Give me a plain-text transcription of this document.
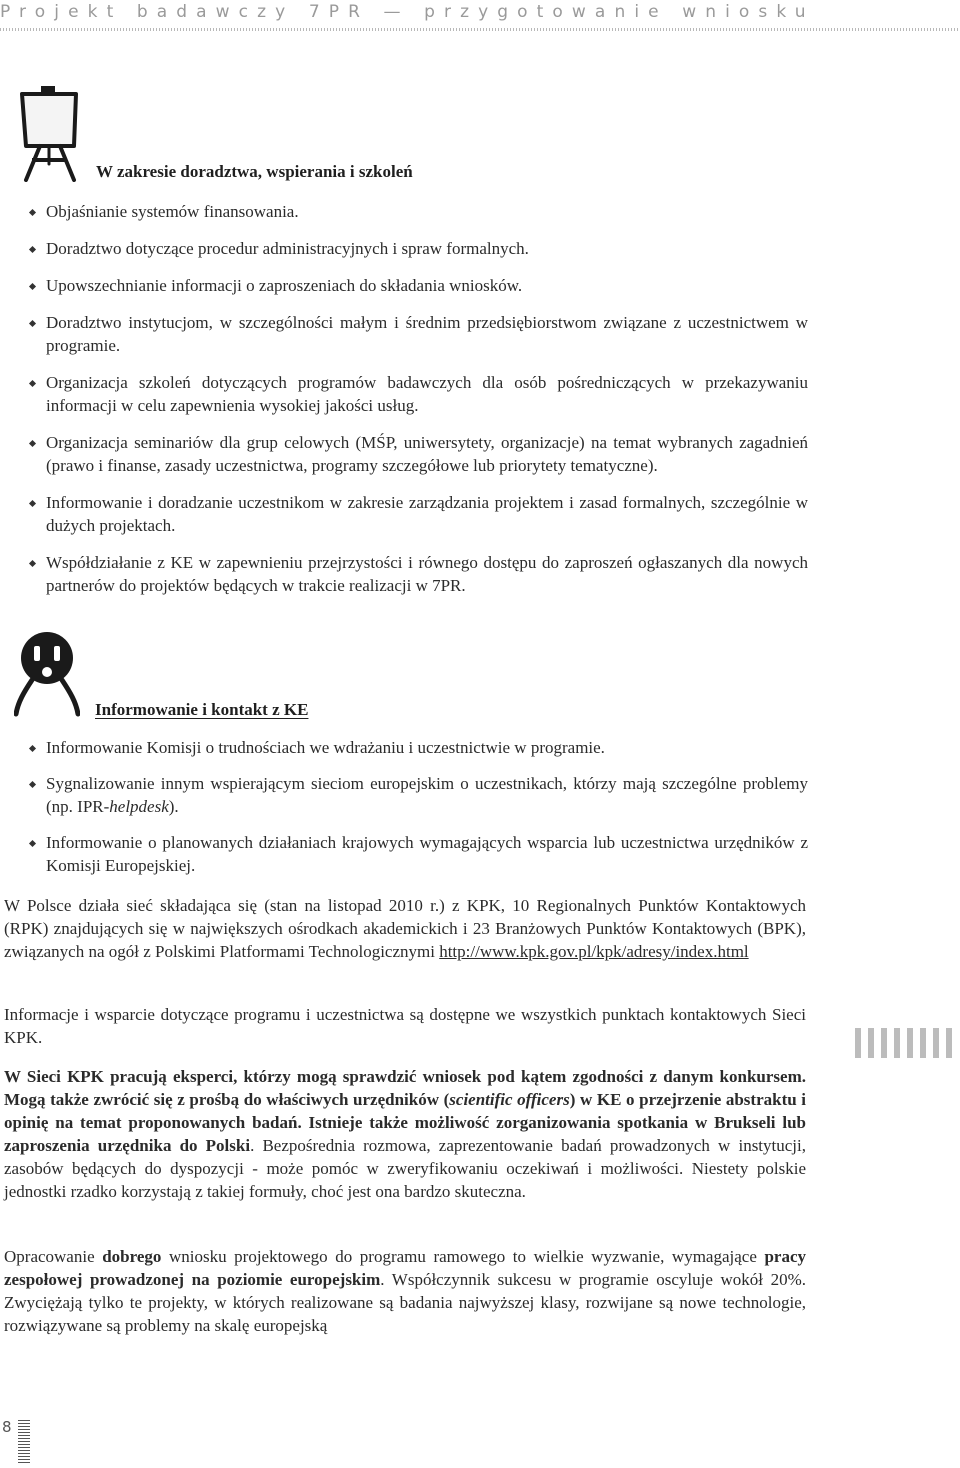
Projekt badawczy 7PR — przygotowanie wniosku
W zakresie doradztwa, wspierania i szkoleń
Objaśnianie systemów finansowania.
Doradztwo dotyczące procedur administracyjnych i spraw formalnych.
Upowszechnianie informacji o zaproszeniach do składania wniosków.
Doradztwo instytucjom, w szczególności małym i średnim przedsiębiorstwom związane z uczestnictwem w programie.
Organizacja szkoleń dotyczących programów badawczych dla osób pośredniczących w przekazywaniu informacji w celu zapewnienia wysokiej jakości usług.
Organizacja seminariów dla grup celowych (MŚP, uniwersytety, organizacje) na temat wybranych zagadnień (prawo i finanse, zasady uczestnictwa, programy szczegółowe lub priorytety tematyczne).
Informowanie i doradzanie uczestnikom w zakresie zarządzania projektem i zasad formalnych, szczególnie w dużych projektach.
Współdziałanie z KE w zapewnieniu przejrzystości i równego dostępu do zaproszeń ogłaszanych dla nowych partnerów do projektów będących w trakcie realizacji w 7PR.
Informowanie i kontakt z KE
Informowanie Komisji o trudnościach we wdrażaniu i uczestnictwie w programie.
Sygnalizowanie innym wspierającym sieciom europejskim o uczestnikach, którzy mają szczególne problemy (np. IPR-helpdesk).
Informowanie o planowanych działaniach krajowych wymagających wsparcia lub uczestnictwa urzędników z Komisji Europejskiej.

W Polsce działa sieć składająca się (stan na listopad 2010 r.) z KPK, 10 Regionalnych Punktów Kontaktowych (RPK) znajdujących się w największych ośrodkach akademickich i 23 Branżowych Punktów Kontaktowych (BPK), związanych na ogół z Polskimi Platformami Technologicznymi http://www.kpk.gov.pl/kpk/adresy/index.html

Informacje i wsparcie dotyczące programu i uczestnictwa są dostępne we wszystkich punktach kontaktowych Sieci KPK.

W Sieci KPK pracują eksperci, którzy mogą sprawdzić wniosek pod kątem zgodności z danym konkursem. Mogą także zwrócić się z prośbą do właściwych urzędników (scientific officers) w KE o przejrzenie abstraktu i opinię na temat proponowanych badań. Istnieje także możliwość zorganizowania spotkania w Brukseli lub zaproszenia urzędnika do Polski. Bezpośrednia rozmowa, zaprezentowanie badań prowadzonych w instytucji, zasobów będących do dyspozycji - może pomóc w zweryfikowaniu oczekiwań i możliwości. Niestety polskie jednostki rzadko korzystają z takiej formuły, choć jest ona bardzo skuteczna.

Opracowanie dobrego wniosku projektowego do programu ramowego to wielkie wyzwanie, wymagające pracy zespołowej prowadzonej na poziomie europejskim. Współczynnik sukcesu w programie oscyluje wokół 20%. Zwyciężają tylko te projekty, w których realizowane są badania najwyższej klasy, rozwijane są nowe technologie, rozwiązywane są problemy na skalę europejską

8
